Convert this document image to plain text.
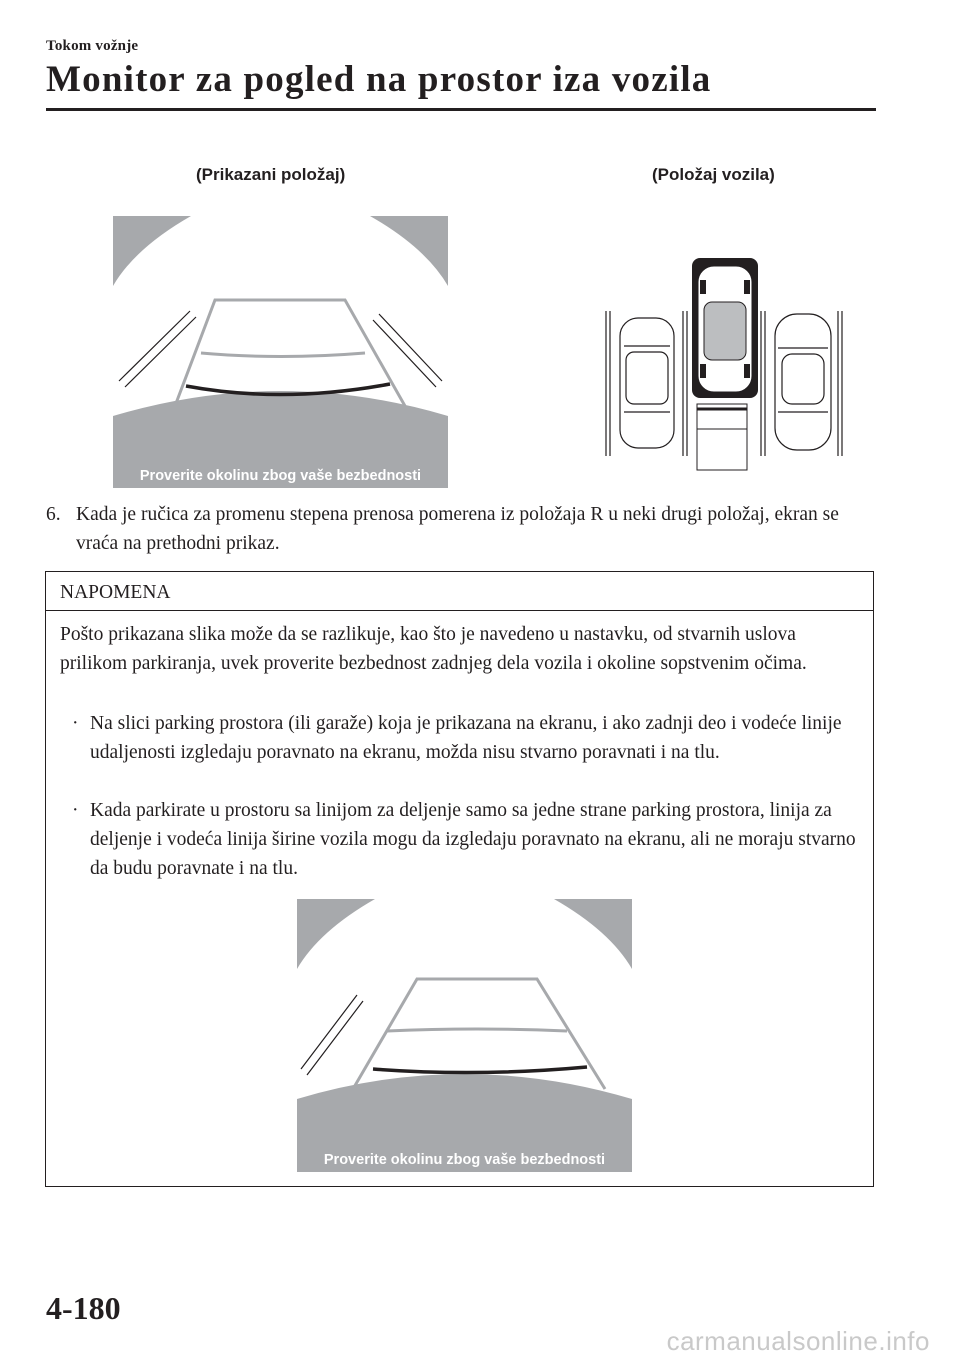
Tokom vožnje
Monitor za pogled na prostor iza vozila
(Prikazani položaj)	(Položaj vozila)
Proverite okolinu zbog vaše bezbednosti
6. Kada je ručica za promenu stepena prenosa pomerena iz položaja R u neki drugi položaj, ekran se vraća na prethodni prikaz.
NAPOMENA

Pošto prikazana slika može da se razlikuje, kao što je navedeno u nastavku, od stvarnih uslova prilikom parkiranja, uvek proverite bezbednost zadnjeg dela vozila i okoline sopstvenim očima.

· Na slici parking prostora (ili garaže) koja je prikazana na ekranu, i ako zadnji deo i vodeće linije udaljenosti izgledaju poravnato na ekranu, možda nisu stvarno poravnati i na tlu.
· Kada parkirate u prostoru sa linijom za deljenje samo sa jedne strane parking prostora, linija za deljenje i vodeća linija širine vozila mogu da izgledaju poravnato na ekranu, ali ne moraju stvarno da budu poravnate i na tlu.
Proverite okolinu zbog vaše bezbednosti
4-180
carmanualsonline.info
